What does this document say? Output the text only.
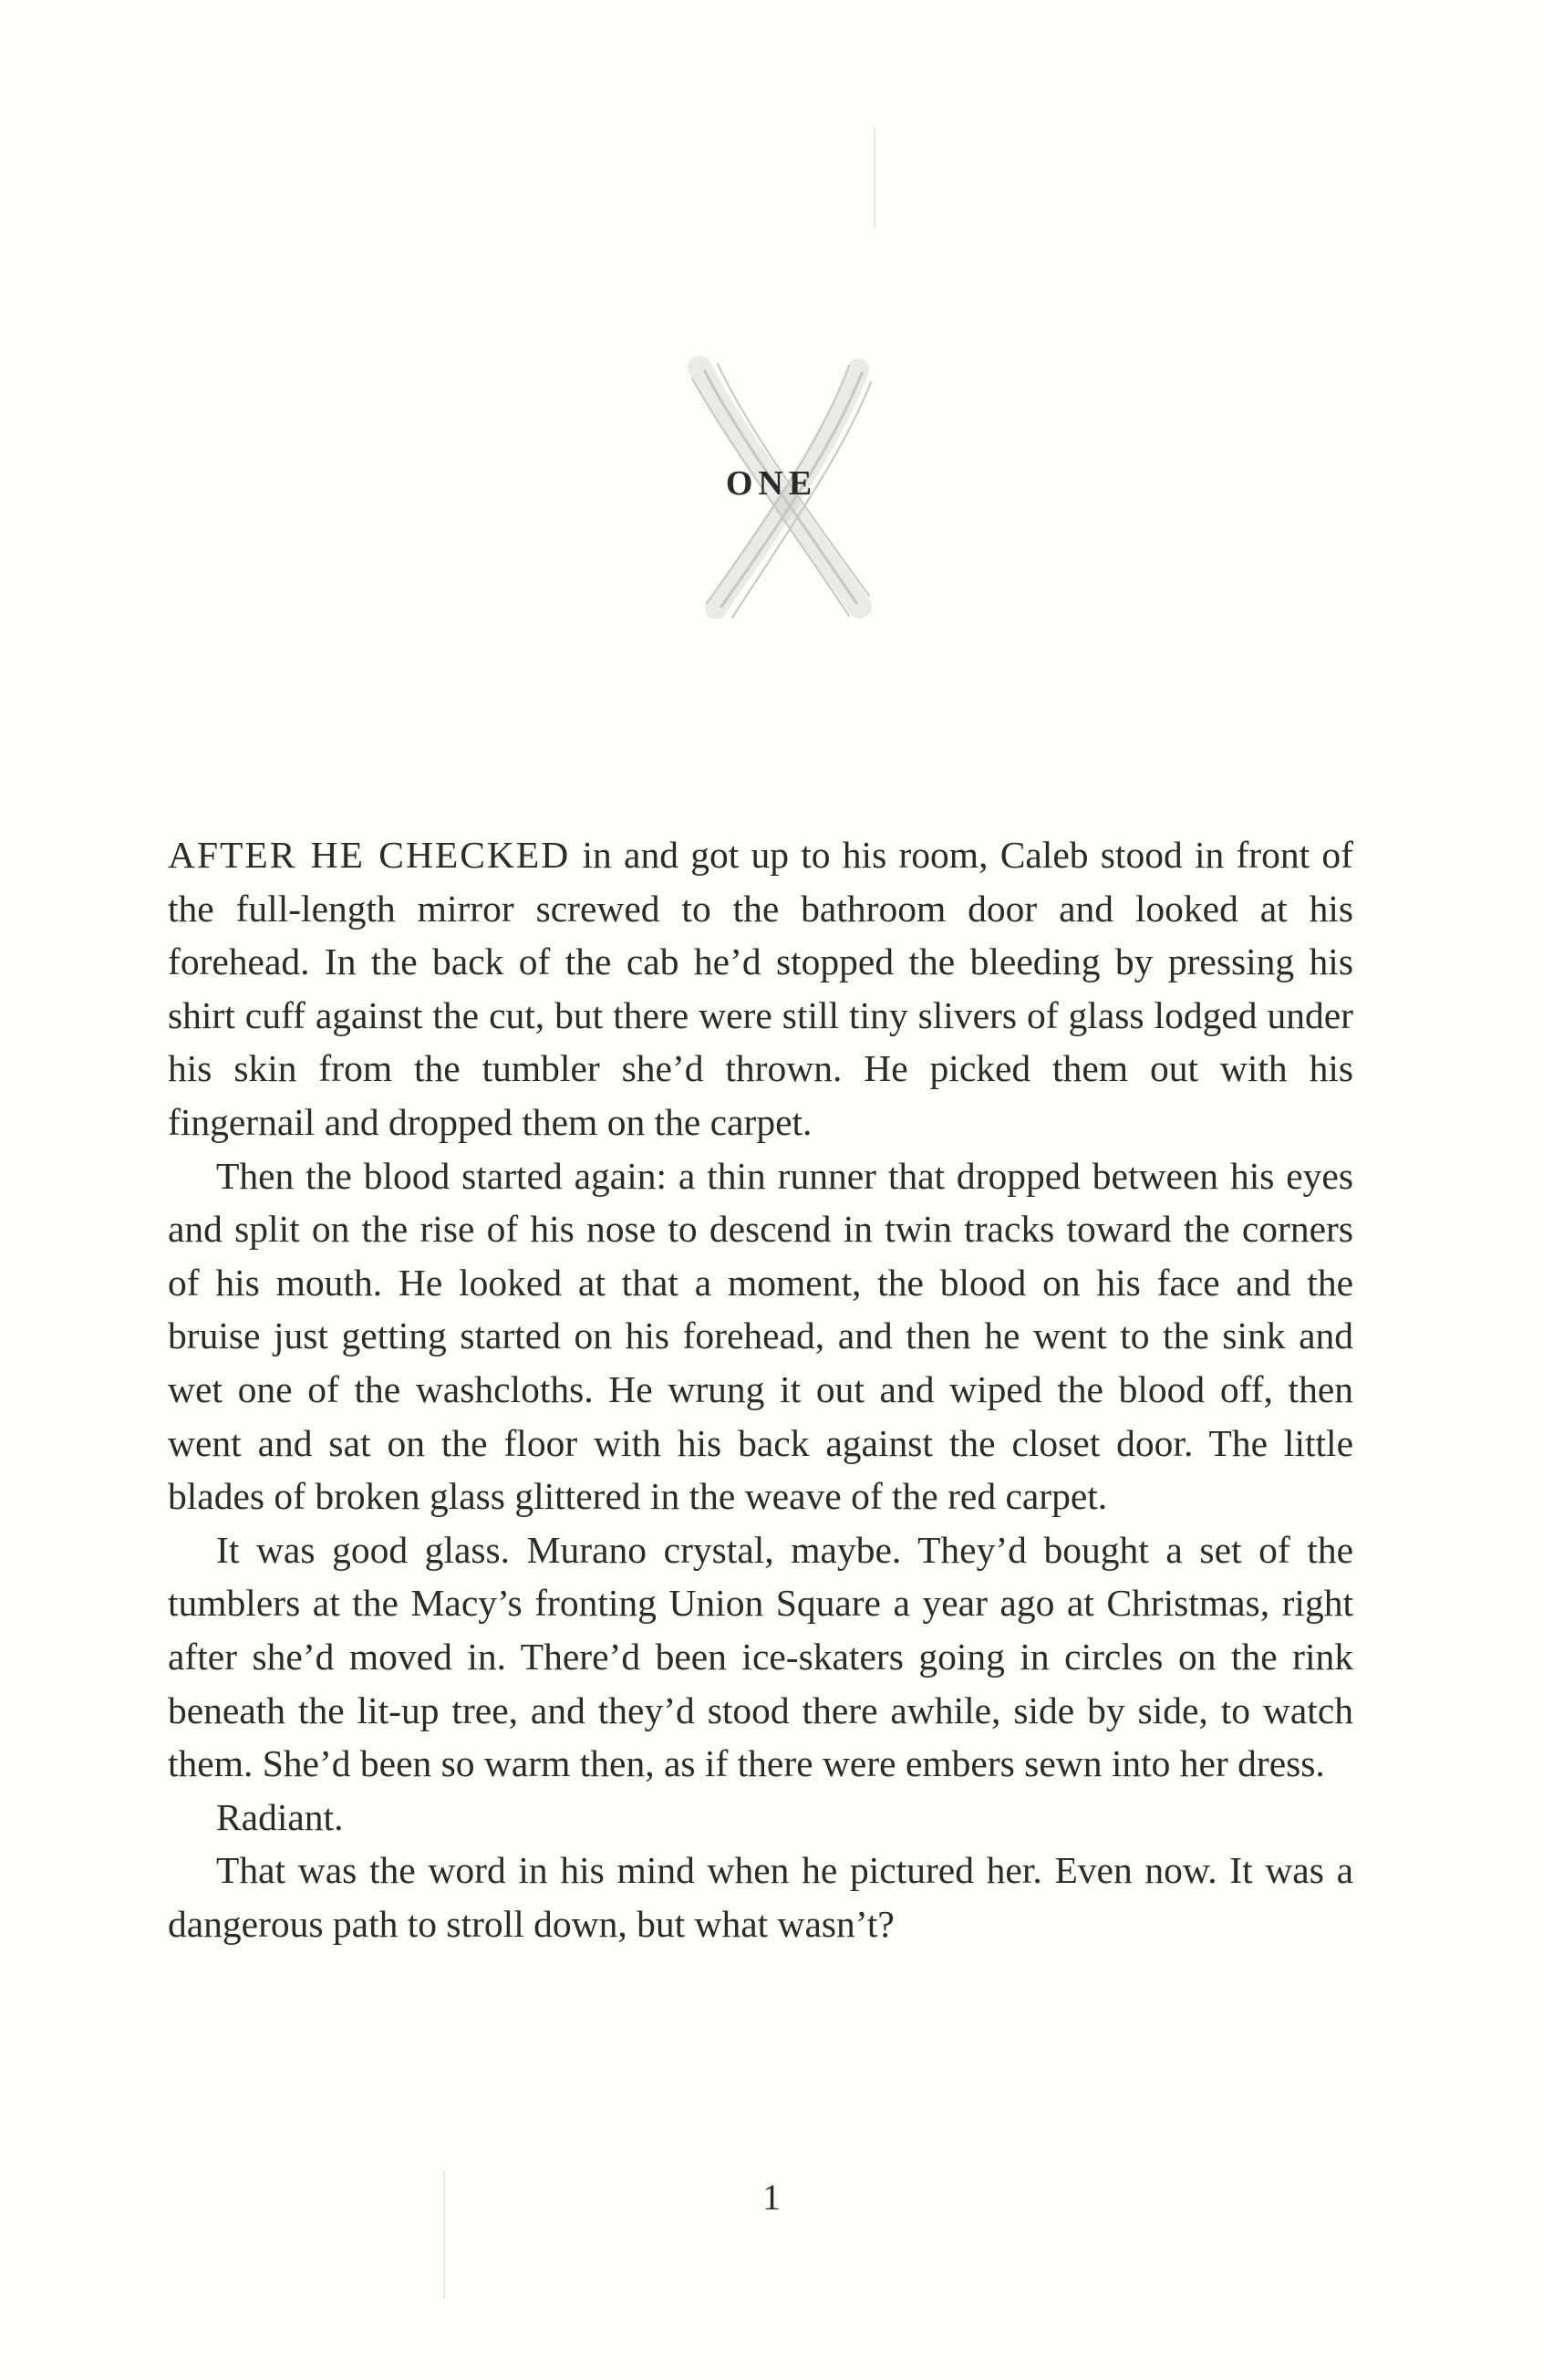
ONE

AFTER HE CHECKED in and got up to his room, Caleb stood in front of the full-length mirror screwed to the bathroom door and looked at his forehead. In the back of the cab he’d stopped the bleeding by pressing his shirt cuff against the cut, but there were still tiny slivers of glass lodged under his skin from the tumbler she’d thrown. He picked them out with his fingernail and dropped them on the carpet.

Then the blood started again: a thin runner that dropped between his eyes and split on the rise of his nose to descend in twin tracks toward the corners of his mouth. He looked at that a moment, the blood on his face and the bruise just getting started on his forehead, and then he went to the sink and wet one of the washcloths. He wrung it out and wiped the blood off, then went and sat on the floor with his back against the closet door. The little blades of broken glass glittered in the weave of the red carpet.

It was good glass. Murano crystal, maybe. They’d bought a set of the tumblers at the Macy’s fronting Union Square a year ago at Christmas, right after she’d moved in. There’d been ice-skaters going in circles on the rink beneath the lit-up tree, and they’d stood there awhile, side by side, to watch them. She’d been so warm then, as if there were embers sewn into her dress.

Radiant.

That was the word in his mind when he pictured her. Even now. It was a dangerous path to stroll down, but what wasn’t?

1
